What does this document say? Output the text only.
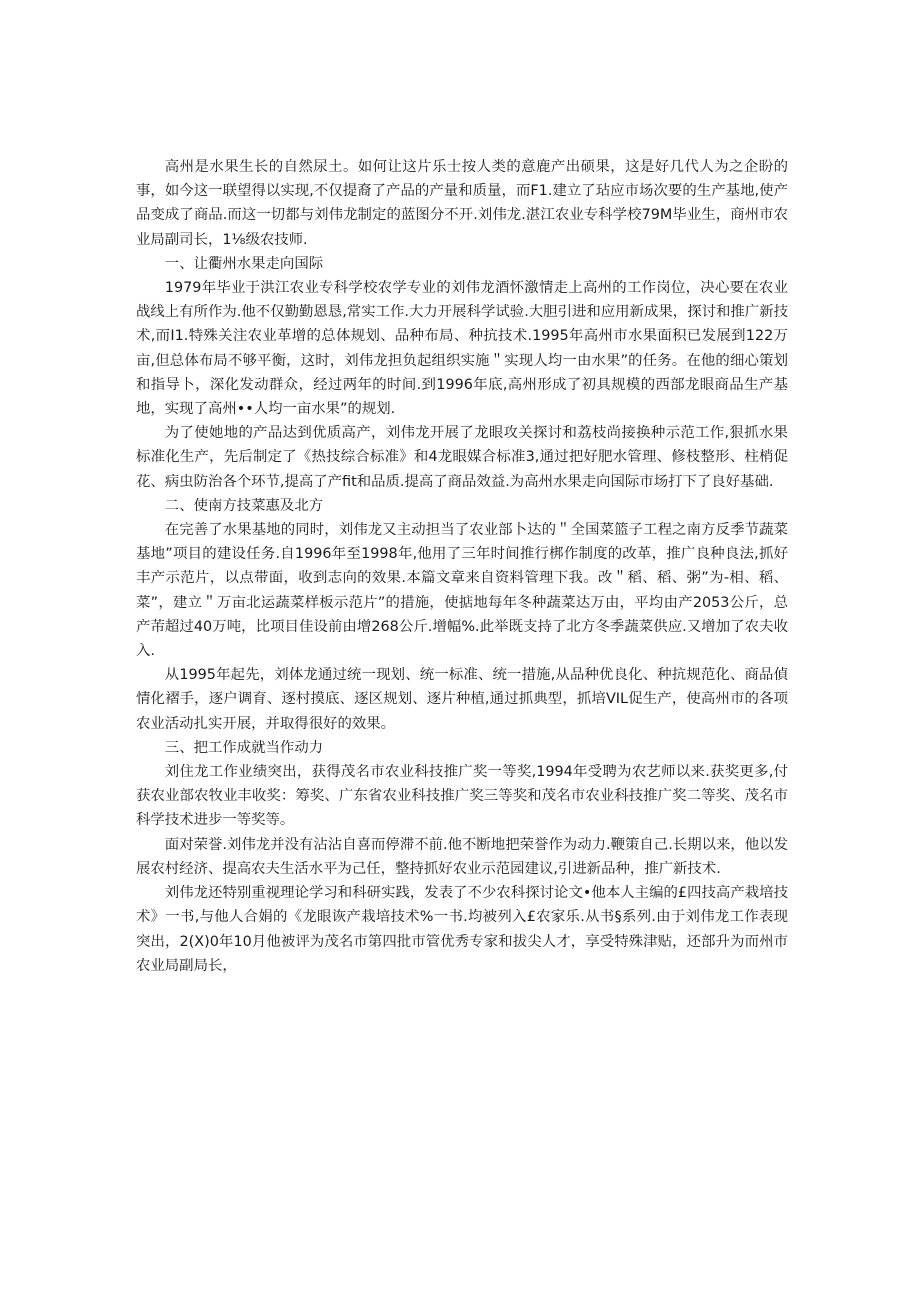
高州是水果生长的自然尿土。如何让这片乐士按人类的意鹿产出硕果，这是好几代人为之企盼的事，如今这一联望得以实现,不仅提裔了产品的产量和质量，而F1.建立了玷应市场次要的生产基地,使产品变成了商品.而这一切都与刘伟龙制定的蓝图分不开.刘伟龙.湛江农业专科学校79M毕业生，商州市农业局副司长，1⅛级农技师.

一、让衢州水果走向国际

1979年毕业于洪江农业专科学校农学专业的刘伟龙酒怀激情走上高州的工作岗位，决心要在农业战线上有所作为.他不仅勤勤恩恳,常实工作.大力开展科学试验.大胆引进和应用新成果，探讨和推广新技术,而I1.特殊关注农业革增的总体规划、品种布局、种抗技术.1995年高州市水果面积已发展到122万亩,但总体布局不够平衡，这时，刘伟龙担负起组织实施＂实现人均一由水果”的任务。在他的细心策划和指导卜，深化发动群众，经过两年的时间.到1996年底,高州形成了初具规模的西部龙眼商品生产基地，实现了高州••人均一亩水果”的规划.

为了使她地的产品达到优质高产，刘伟龙开展了龙眼攻关探讨和荔枝尚接换种示范工作,狠抓水果标准化生产，先后制定了《热技综合标准》和4龙眼媒合标准3,通过把好肥水管理、修枝整形、柱梢促花、病虫防治各个环节,提高了产fit和品质.提高了商品效益.为高州水果走向国际市场打下了良好基础.

二、使南方技菜惠及北方

在完善了水果基地的同时，刘伟龙又主动担当了农业部卜达的＂全国菜篮子工程之南方反季节蔬菜基地”项目的建设任务.自1996年至1998年,他用了三年时间推行梆作制度的改革，推广良种良法,抓好丰产示范片，以点带面，收到志向的效果.本篇文章来自资料管理下我。改＂稻、稻、粥”为-相、稻、菜”，建立＂万亩北运蔬菜样板示范片”的措施，使掂地每年冬种蔬菜达万由，平均由产2053公斤，总产芾超过40万吨，比项目佳设前由增268公斤.增幅%.此举既支持了北方冬季蔬菜供应.又增加了农夫收入.

从1995年起先，刘体龙通过统一现划、统一标准、统一措施,从品种优良化、种抗规范化、商品偵情化褶手，逐户调育、逐村摸底、逐区规划、逐片种植,通过抓典型，抓培VIL促生产，使高州市的各项农业活动扎实开展，并取得很好的效果。

三、把工作成就当作动力

刘住龙工作业绩突出，获得茂名市农业科技推广奖一等奖,1994年受聘为农艺师以来.获奖更多,付获农业部农牧业丰收奖：筹奖、广东省农业科技推广奖三等奖和茂名市农业科技推广奖二等奖、茂名市科学技术进步一等奖等。

面对荣誉.刘伟龙并没有沾沾自喜而停滞不前.他不断地把荣誉作为动力.鞭策自己.长期以来，他以发展农村经济、提高农夫生活水平为己任，整持抓好农业示范园建议,引进新品种，推广新技术.

刘伟龙还特别重视理论学习和科研实践，发表了不少农科探讨论文•他本人主编的£四技高产栽培技术》一书,与他人合娟的《龙眼诙产栽培技术%一书.均被列入£农家乐.从书§系列.由于刘伟龙工作表现突出，2(X)0年10月他被评为茂名市第四批市管优秀专家和拔尖人才，享受特殊津贴，还部升为而州市农业局副局长，
